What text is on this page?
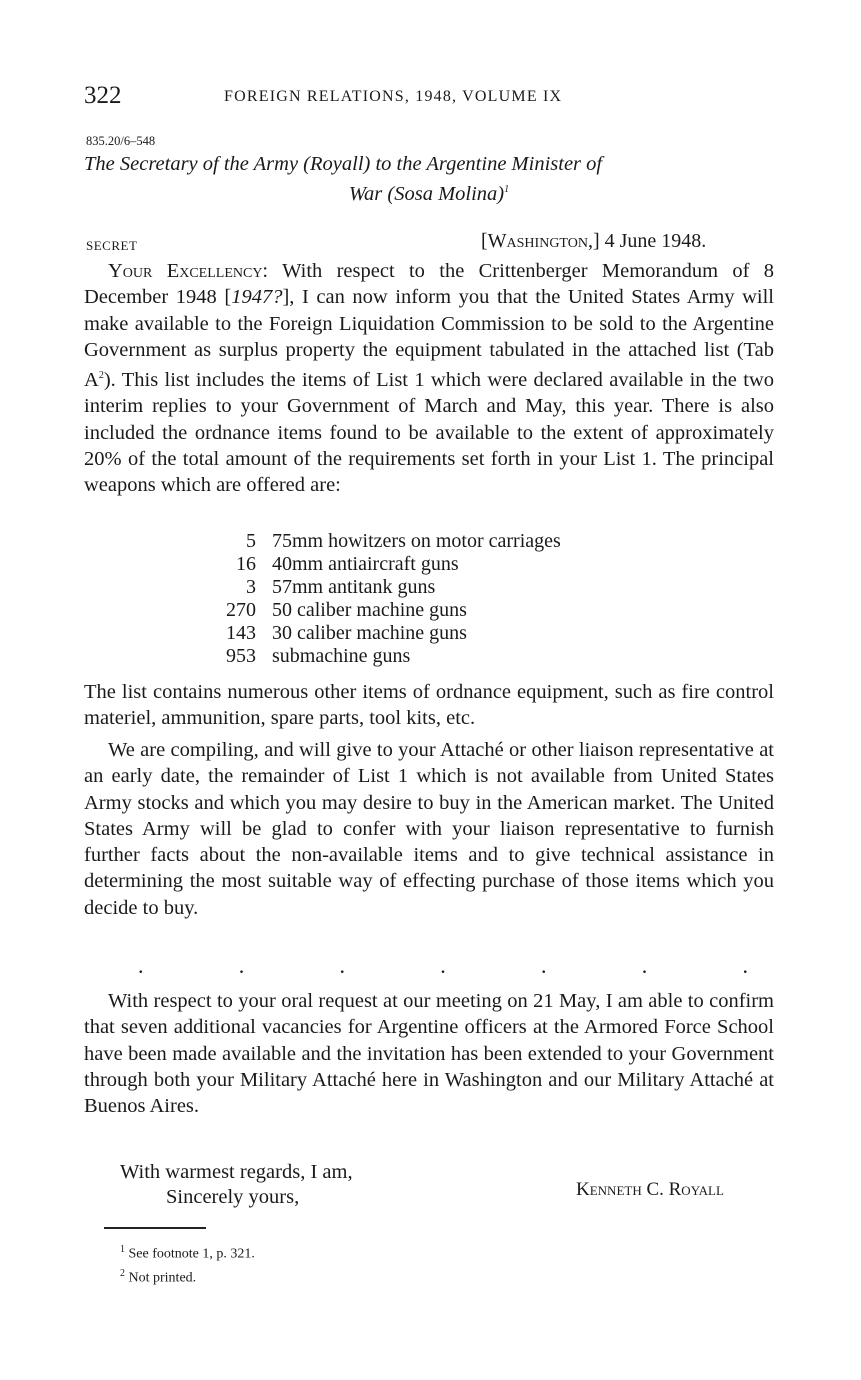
322	FOREIGN RELATIONS, 1948, VOLUME IX
835.20/6–548
The Secretary of the Army (Royall) to the Argentine Minister of
War (Sosa Molina)$^1$
SECRET	[Washington,] 4 June 1948.

Your Excellency: With respect to the Crittenberger Memorandum of 8 December 1948 [1947?], I can now inform you that the United States Army will make available to the Foreign Liquidation Commission to be sold to the Argentine Government as surplus property the equipment tabulated in the attached list (Tab $A^2$). This list includes the items of List 1 which were declared available in the two interim replies to your Government of March and May, this year. There is also included the ordnance items found to be available to the extent of approximately 20% of the total amount of the requirements set forth in your List 1. The principal weapons which are offered are:

5 75mm howitzers on motor carriages
16 40mm antiaircraft guns
3 57mm antitank guns
270 50 caliber machine guns
143 30 caliber machine guns
953 submachine guns

The list contains numerous other items of ordnance equipment, such as fire control materiel, ammunition, spare parts, tool kits, etc.

We are compiling, and will give to your Attaché or other liaison representative at an early date, the remainder of List 1 which is not available from United States Army stocks and which you may desire to buy in the American market. The United States Army will be glad to confer with your liaison representative to furnish further facts about the non-available items and to give technical assistance in determining the most suitable way of effecting purchase of those items which you decide to buy.

.	.	.	.	.	.	.

With respect to your oral request at our meeting on 21 May, I am able to confirm that seven additional vacancies for Argentine officers at the Armored Force School have been made available and the invitation has been extended to your Government through both your Military Attaché here in Washington and our Military Attaché at Buenos Aires.

With warmest regards, I am,
Sincerely yours,	Kenneth C. Royall

$^1$ See footnote 1, p. 321.

$^2$ Not printed.
